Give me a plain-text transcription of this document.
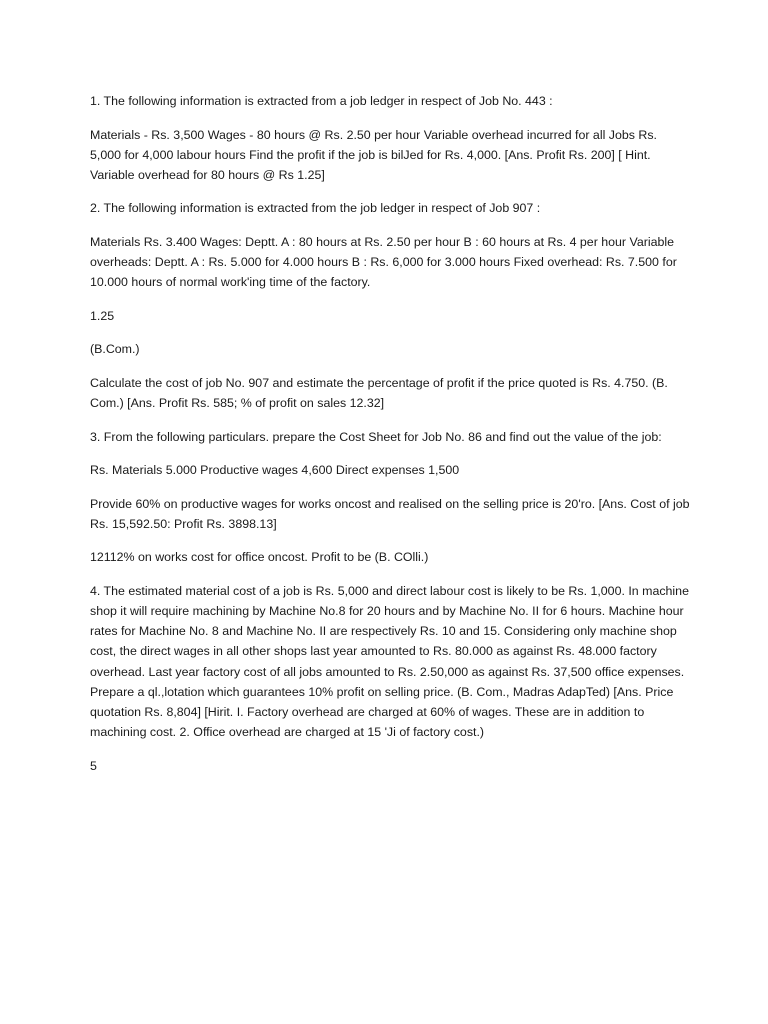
1. The following information is extracted from a job ledger in respect of Job No. 443 :

Materials - Rs. 3,500 Wages - 80 hours @ Rs. 2.50 per hour Variable overhead incurred for all Jobs Rs. 5,000 for 4,000 labour hours Find the profit if the job is bilJed for Rs. 4,000. [Ans. Profit Rs. 200] [ Hint. Variable overhead for 80 hours @ Rs 1.25]

2. The following information is extracted from the job ledger in respect of Job 907 :

Materials Rs. 3.400 Wages: Deptt. A : 80 hours at Rs. 2.50 per hour B : 60 hours at Rs. 4 per hour Variable overheads: Deptt. A : Rs. 5.000 for 4.000 hours B : Rs. 6,000 for 3.000 hours Fixed overhead: Rs. 7.500 for 10.000 hours of normal work'ing time of the factory.

1.25

(B.Com.)

Calculate the cost of job No. 907 and estimate the percentage of profit if the price quoted is Rs. 4.750. (B. Com.) [Ans. Profit Rs. 585; % of profit on sales 12.32]

3. From the following particulars. prepare the Cost Sheet for Job No. 86 and find out the value of the job:

Rs. Materials 5.000 Productive wages 4,600 Direct expenses 1,500

Provide 60% on productive wages for works oncost and realised on the selling price is 20'ro. [Ans. Cost of job Rs. 15,592.50: Profit Rs. 3898.13]

12112% on works cost for office oncost. Profit to be (B. COlli.)

4. The estimated material cost of a job is Rs. 5,000 and direct labour cost is likely to be Rs. 1,000. In machine shop it will require machining by Machine No.8 for 20 hours and by Machine No. II for 6 hours. Machine hour rates for Machine No. 8 and Machine No. II are respectively Rs. 10 and 15. Considering only machine shop cost, the direct wages in all other shops last year amounted to Rs. 80.000 as against Rs. 48.000 factory overhead. Last year factory cost of all jobs amounted to Rs. 2.50,000 as against Rs. 37,500 office expenses. Prepare a ql.,lotation which guarantees 10% profit on selling price. (B. Com., Madras AdapTed) [Ans. Price quotation Rs. 8,804] [Hirit. I. Factory overhead are charged at 60% of wages. These are in addition to machining cost. 2. Office overhead are charged at 15 'Ji of factory cost.)

5
